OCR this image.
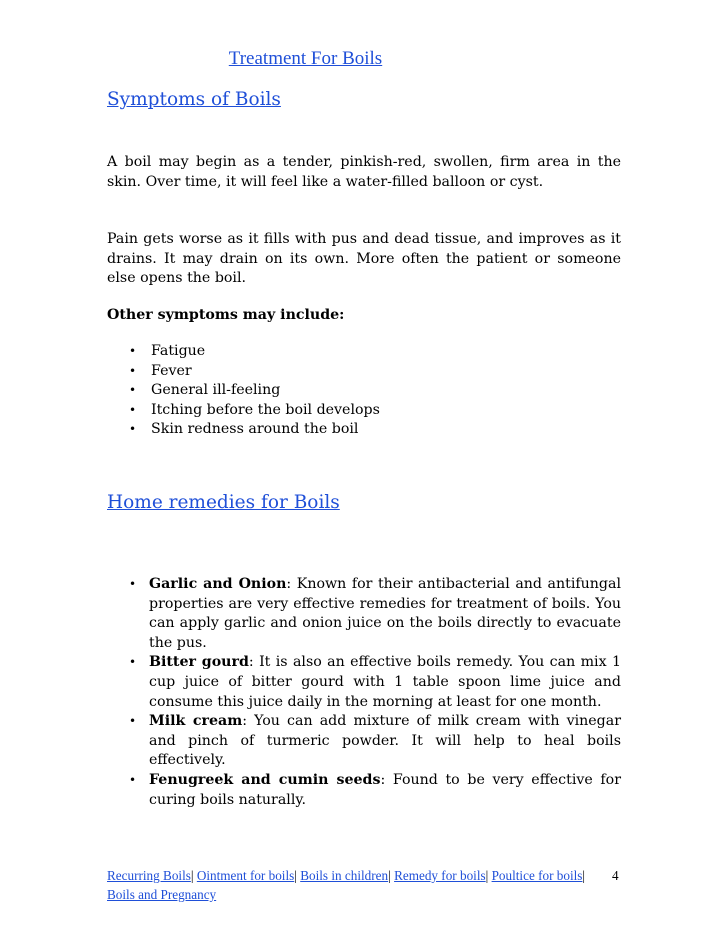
Treatment For Boils
Symptoms of Boils

A boil may begin as a tender, pinkish-red, swollen, firm area in the skin. Over time, it will feel like a water-filled balloon or cyst.

Pain gets worse as it fills with pus and dead tissue, and improves as it drains. It may drain on its own. More often the patient or someone else opens the boil.

Other symptoms may include:

• Fatigue
• Fever
• General ill-feeling
• Itching before the boil develops
• Skin redness around the boil
Home remedies for Boils
• Garlic and Onion: Known for their antibacterial and antifungal properties are very effective remedies for treatment of boils. You can apply garlic and onion juice on the boils directly to evacuate the pus.
• Bitter gourd: It is also an effective boils remedy. You can mix 1 cup juice of bitter gourd with 1 table spoon lime juice and consume this juice daily in the morning at least for one month.
• Milk cream: You can add mixture of milk cream with vinegar and pinch of turmeric powder. It will help to heal boils effectively.
• Fenugreek and cumin seeds: Found to be very effective for curing boils naturally.
Recurring Boils| Ointment for boils| Boils in children| Remedy for boils| Poultice for boils| Boils and Pregnancy
4
